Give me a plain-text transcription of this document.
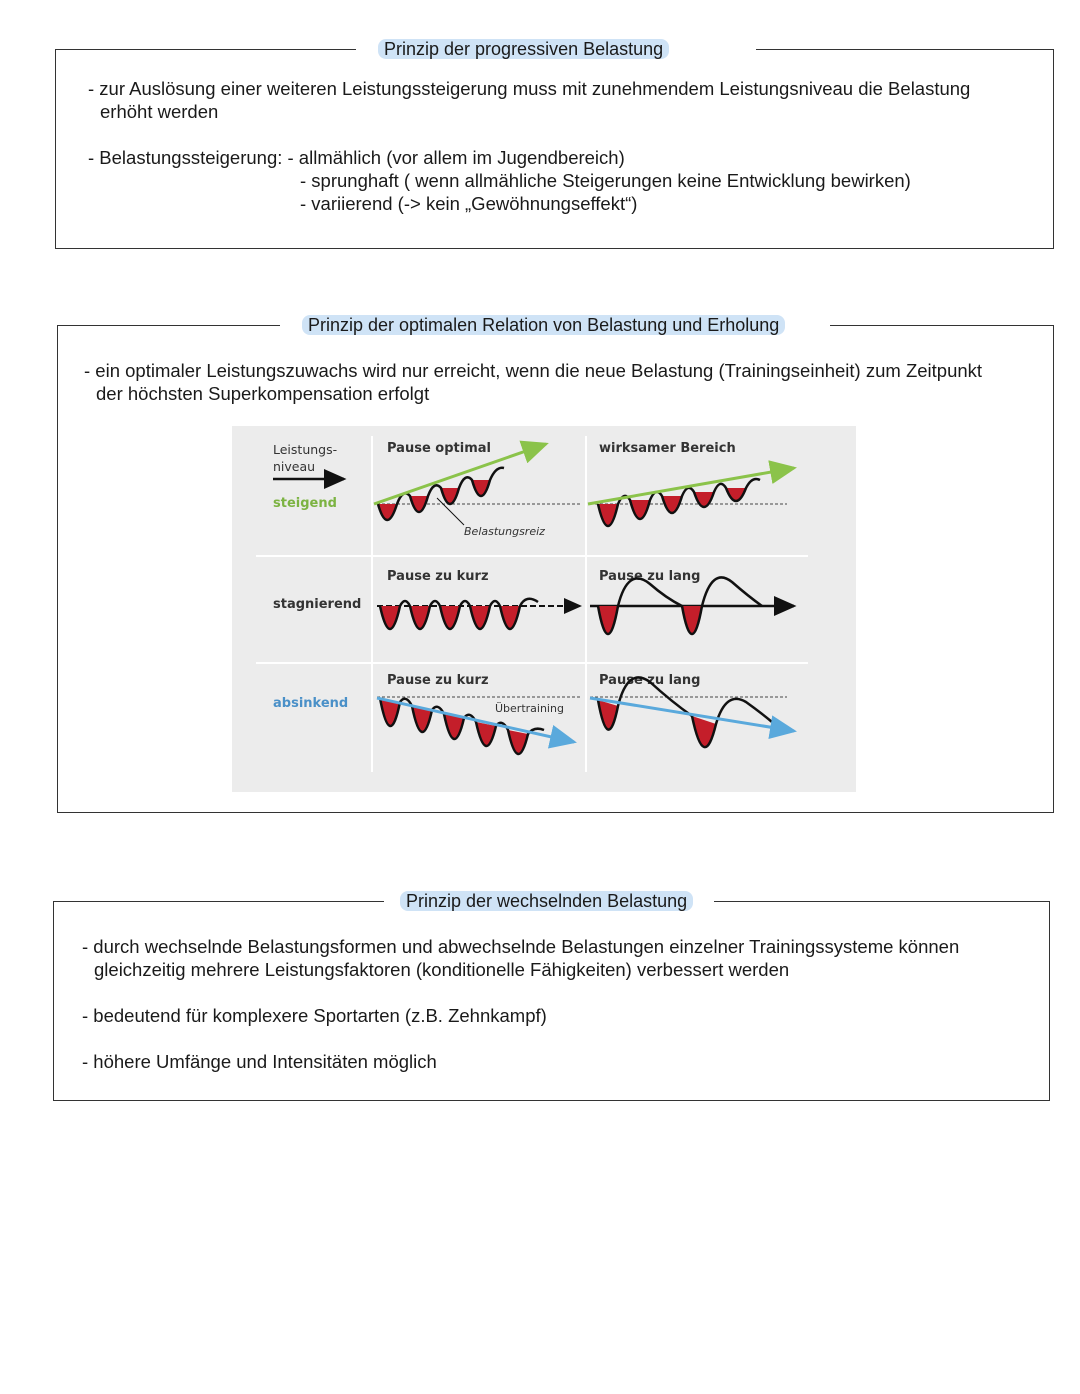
Prinzip der progressiven Belastung
- zur Auslösung einer weiteren Leistungssteigerung muss mit zunehmendem Leistungsniveau die Belastung
erhöht werden
- Belastungssteigerung: - allmählich (vor allem im Jugendbereich)
- sprunghaft ( wenn allmähliche Steigerungen keine Entwicklung bewirken)
- variierend (-> kein „Gewöhnungseffekt“)
Prinzip der optimalen Relation von Belastung und Erholung
- ein optimaler Leistungszuwachs wird nur erreicht, wenn die neue Belastung (Trainingseinheit) zum Zeitpunkt
der höchsten Superkompensation erfolgt
Leistungs-
niveau
steigend
stagnierend
absinkend
Pause optimal
Belastungsreiz
wirksamer Bereich
Pause zu kurz	Pause zu lang
Pause zu kurz
Übertraining
Pause zu lang
Prinzip der wechselnden Belastung
- durch wechselnde Belastungsformen und abwechselnde Belastungen einzelner Trainingssysteme können
gleichzeitig mehrere Leistungsfaktoren (konditionelle Fähigkeiten) verbessert werden
- bedeutend für komplexere Sportarten (z.B. Zehnkampf)
- höhere Umfänge und Intensitäten möglich
